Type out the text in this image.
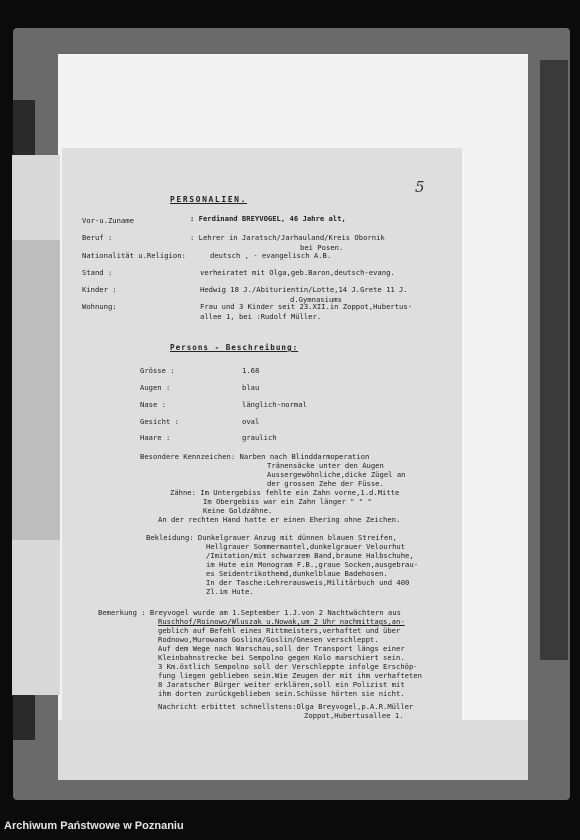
PERSONALIEN.
5
Vor-u.Zuname	: Ferdinand BREYVOGEL, 46 Jahre alt,
Beruf :	: Lehrer in Jaratsch/Jarhauland/Kreis Obornik
bei Posen.
Nationalität u.Religion:	deutsch , - evangelisch A.B.
Stand :	verheiratet mit Olga,geb.Baron,deutsch-evang.
Kinder :	Hedwig 18 J./Abiturientin/Lotte,14 J.Grete 11 J.
d.Gymnasiums
Wohnung:	Frau und 3 Kinder seit 23.XII.in Zoppot,Hubertus-
allee 1, bei :Rudolf Müller.
Persons - Beschreibung:
Grösse :	1.68
Augen :	blau
Nase :	länglich-normal
Gesicht :	oval
Haare :	graulich
Besondere Kennzeichen: Narben nach Blinddarmoperation
Tränensäcke unter den Augen
Aussergewöhnliche,dicke Zügel an
der grossen Zehe der Füsse.
Zähne: Im Untergebiss fehlte ein Zahn vorne,1.d.Mitte
Im Obergebiss war ein Zahn länger " " "
Keine Goldzähne.
An der rechten Hand hatte er einen Ehering ohne Zeichen.
Bekleidung: Dunkelgrauer Anzug mit dünnen blauen Streifen,
Hellgrauer Sommermantel,dunkelgrauer Velourhut
/Imitation/mit schwarzem Band,braune Halbschuhe,
im Hute ein Monogram F.B.,graue Socken,ausgebrau-
es Seidentrikothemd,dunkelblaue Badehosen.
In der Tasche:Lehrerausweis,Militärbuch und 400
Zl.im Hute.
Bemerkung : Breyvogel wurde am 1.September 1.J.von 2 Nachtwächtern aus
Ruschhof/Roinowo/Wluszak u.Nowak,um 2 Uhr nachmittags,an-
geblich auf Befehl eines Rittmeisters,verhaftet und über
Rodnowo,Murowana Goslina/Goslin/Gnesen verschleppt.
Auf dem Wege nach Warschau,soll der Transport längs einer
Kleinbahnstrecke bei Sempolno gegen Kolo marschiert sein.
3 Km.östlich Sempolno soll der Verschleppte infolge Erschöp-
fung liegen geblieben sein.Wie Zeugen der mit ihm verhafteten
8 Jaratscher Bürger weiter erklären,soll ein Polizist mit
ihm dorten zurückgeblieben sein.Schüsse hörten sie nicht.
Nachricht erbittet schnellstens:Olga Breyvogel,p.A.R.Müller
Zoppot,Hubertusallee 1.
Archiwum Państwowe w Poznaniu
